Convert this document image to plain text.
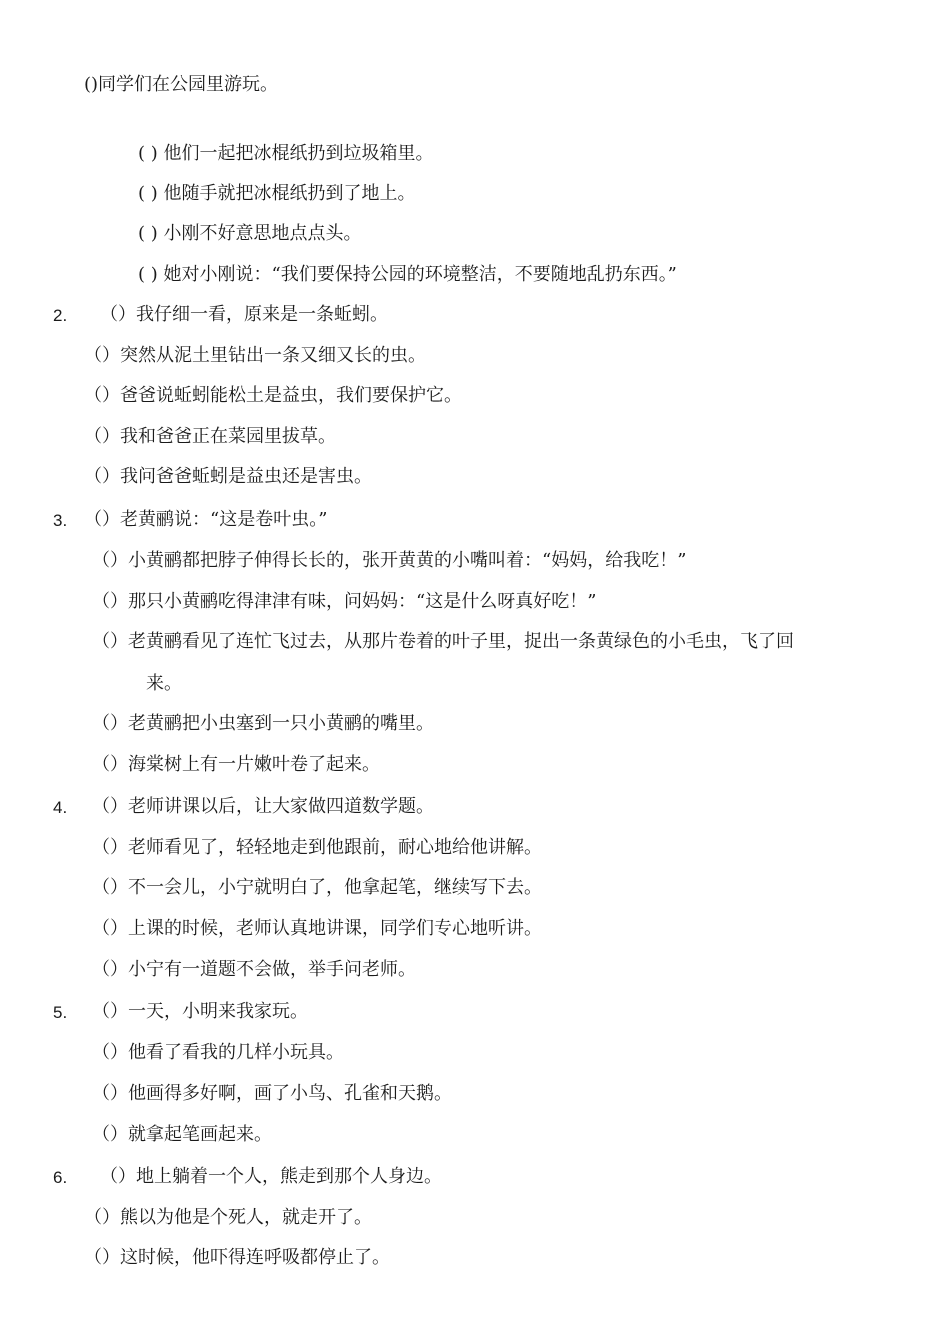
()同学们在公园里游玩。
( ) 他们一起把冰棍纸扔到垃圾箱里。
( ) 他随手就把冰棍纸扔到了地上。
( ) 小刚不好意思地点点头。
( ) 她对小刚说：“我们要保持公园的环境整洁，不要随地乱扔东西。”
2. （）我仔细一看，原来是一条蚯蚓。
（）突然从泥土里钻出一条又细又长的虫。
（）爸爸说蚯蚓能松土是益虫，我们要保护它。
（）我和爸爸正在菜园里拔草。
（）我问爸爸蚯蚓是益虫还是害虫。
3. （）老黄鹂说：“这是卷叶虫。”
（）小黄鹂都把脖子伸得长长的，张开黄黄的小嘴叫着：“妈妈，给我吃！”
（）那只小黄鹂吃得津津有味，问妈妈：“这是什么呀真好吃！”
（）老黄鹂看见了连忙飞过去，从那片卷着的叶子里，捉出一条黄绿色的小毛虫，飞了回
来。
（）老黄鹂把小虫塞到一只小黄鹂的嘴里。
（）海棠树上有一片嫩叶卷了起来。
4. （）老师讲课以后，让大家做四道数学题。
（）老师看见了，轻轻地走到他跟前，耐心地给他讲解。
（）不一会儿，小宁就明白了，他拿起笔，继续写下去。
（）上课的时候，老师认真地讲课，同学们专心地听讲。
（）小宁有一道题不会做，举手问老师。
5. （）一天，小明来我家玩。
（）他看了看我的几样小玩具。
（）他画得多好啊，画了小鸟、孔雀和天鹅。
（）就拿起笔画起来。
6. （）地上躺着一个人，熊走到那个人身边。
（）熊以为他是个死人，就走开了。
（）这时候，他吓得连呼吸都停止了。
